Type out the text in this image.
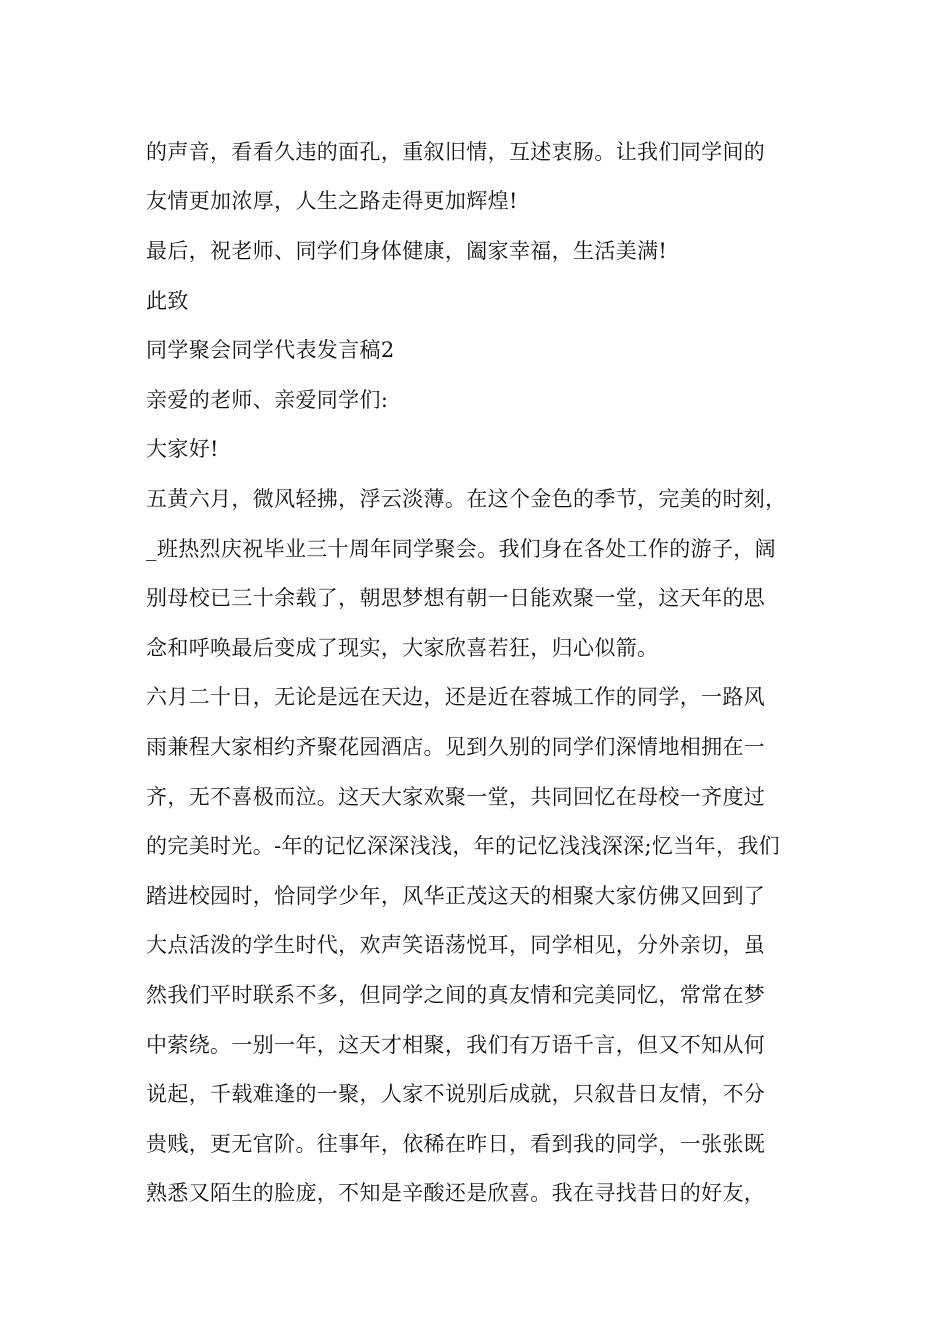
的声音，看看久违的面孔，重叙旧情，互述衷肠。让我们同学间的
友情更加浓厚，人生之路走得更加辉煌!
最后，祝老师、同学们身体健康，阖家幸福，生活美满!
此致
同学聚会同学代表发言稿2
亲爱的老师、亲爱同学们:
大家好!
五黄六月，微风轻拂，浮云淡薄。在这个金色的季节，完美的时刻，
_班热烈庆祝毕业三十周年同学聚会。我们身在各处工作的游子，阔
别母校已三十余载了，朝思梦想有朝一日能欢聚一堂，这天年的思
念和呼唤最后变成了现实，大家欣喜若狂，归心似箭。
六月二十日，无论是远在天边，还是近在蓉城工作的同学，一路风
雨兼程大家相约齐聚花园酒店。见到久别的同学们深情地相拥在一
齐，无不喜极而泣。这天大家欢聚一堂，共同回忆在母校一齐度过
的完美时光。-年的记忆深深浅浅，年的记忆浅浅深深;忆当年，我们
踏进校园时，恰同学少年，风华正茂这天的相聚大家仿佛又回到了
大点活泼的学生时代，欢声笑语荡悦耳，同学相见，分外亲切，虽
然我们平时联系不多，但同学之间的真友情和完美同忆，常常在梦
中萦绕。一别一年，这天才相聚，我们有万语千言，但又不知从何
说起，千载难逢的一聚，人家不说别后成就，只叙昔日友情，不分
贵贱，更无官阶。往事年，依稀在昨日，看到我的同学，一张张既
熟悉又陌生的脸庞，不知是辛酸还是欣喜。我在寻找昔日的好友，
